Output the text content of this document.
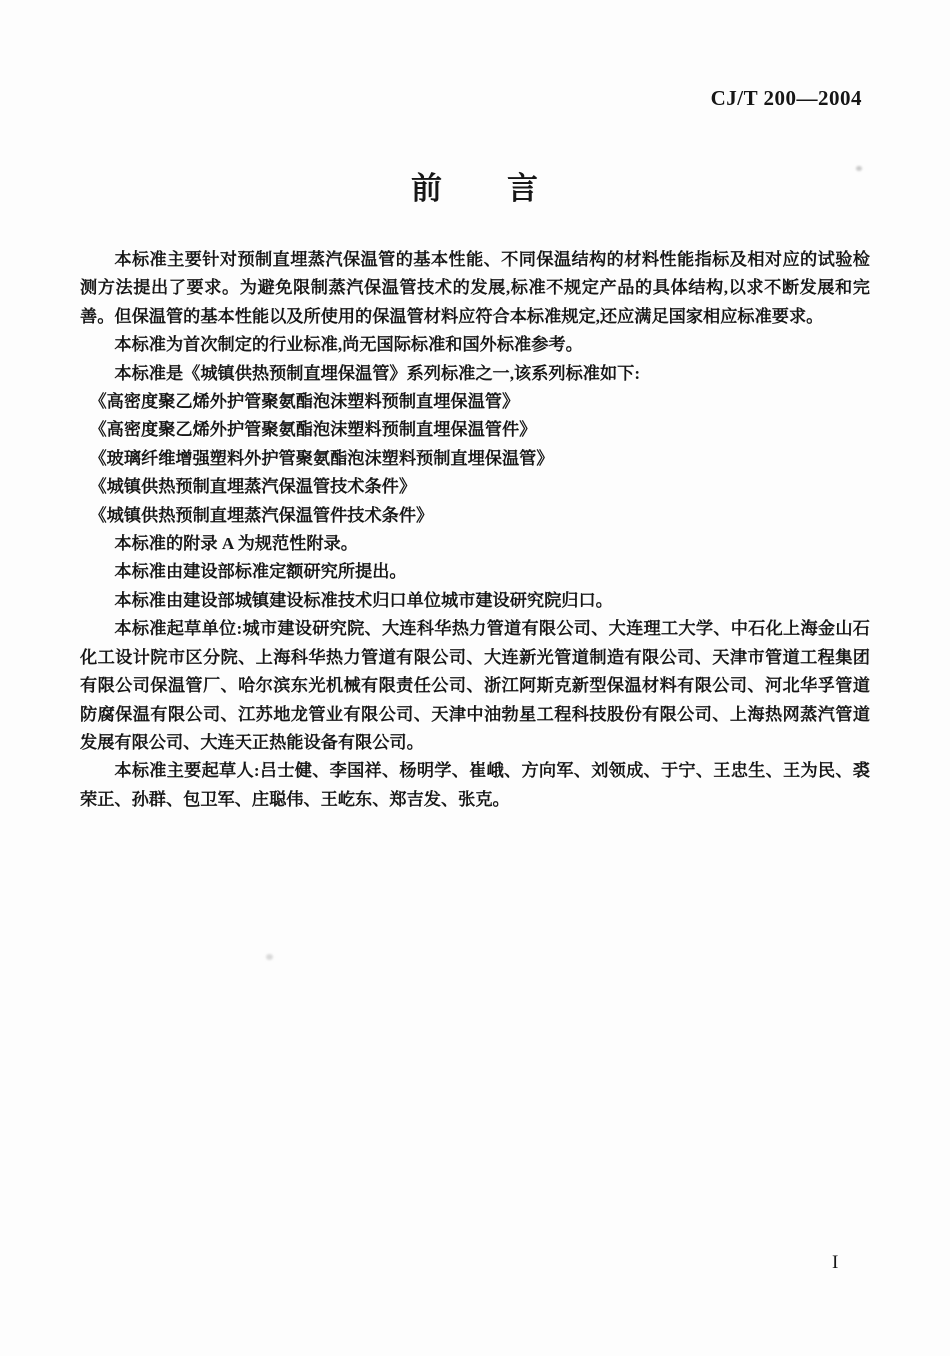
CJ/T 200—2004
前　　言

本标准主要针对预制直埋蒸汽保温管的基本性能、不同保温结构的材料性能指标及相对应的试验检测方法提出了要求。为避免限制蒸汽保温管技术的发展,标准不规定产品的具体结构,以求不断发展和完善。但保温管的基本性能以及所使用的保温管材料应符合本标准规定,还应满足国家相应标准要求。

本标准为首次制定的行业标准,尚无国际标准和国外标准参考。

本标准是《城镇供热预制直埋保温管》系列标准之一,该系列标准如下:

《高密度聚乙烯外护管聚氨酯泡沫塑料预制直埋保温管》

《高密度聚乙烯外护管聚氨酯泡沫塑料预制直埋保温管件》

《玻璃纤维增强塑料外护管聚氨酯泡沫塑料预制直埋保温管》

《城镇供热预制直埋蒸汽保温管技术条件》

《城镇供热预制直埋蒸汽保温管件技术条件》

本标准的附录 A 为规范性附录。

本标准由建设部标准定额研究所提出。

本标准由建设部城镇建设标准技术归口单位城市建设研究院归口。

本标准起草单位:城市建设研究院、大连科华热力管道有限公司、大连理工大学、中石化上海金山石化工设计院市区分院、上海科华热力管道有限公司、大连新光管道制造有限公司、天津市管道工程集团有限公司保温管厂、哈尔滨东光机械有限责任公司、浙江阿斯克新型保温材料有限公司、河北华孚管道防腐保温有限公司、江苏地龙管业有限公司、天津中油勃星工程科技股份有限公司、上海热网蒸汽管道发展有限公司、大连天正热能设备有限公司。

本标准主要起草人:吕士健、李国祥、杨明学、崔峨、方向军、刘领成、于宁、王忠生、王为民、裘荣正、孙群、包卫军、庄聪伟、王屹东、郑吉发、张克。

I
